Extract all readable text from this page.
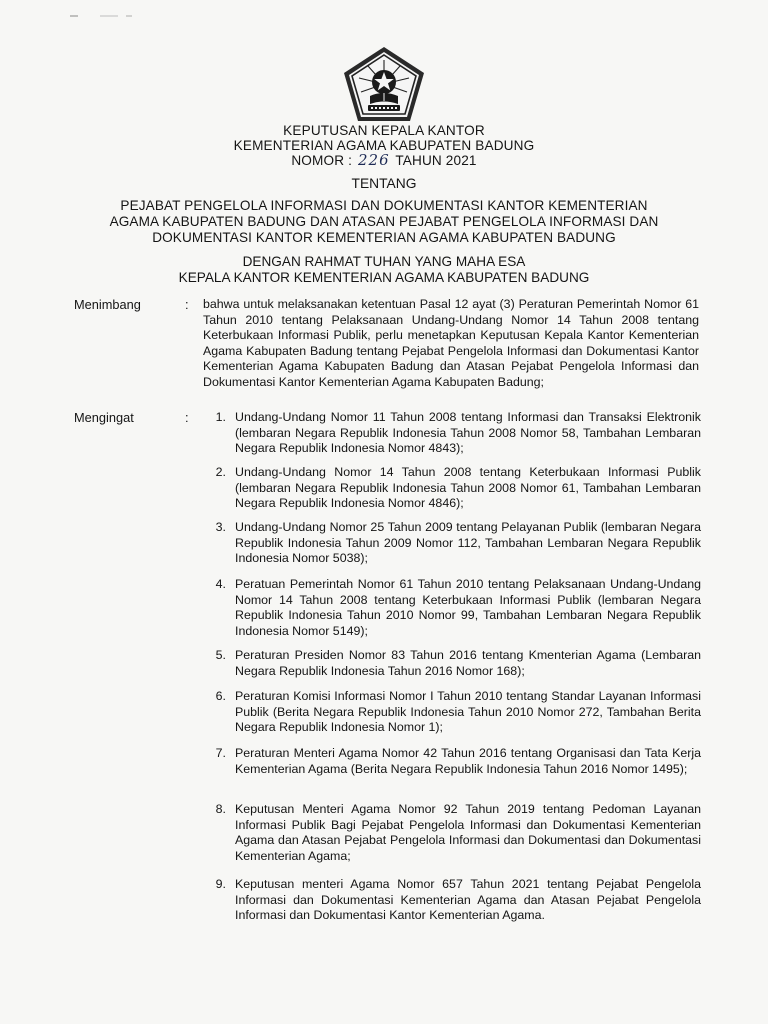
KEPUTUSAN KEPALA KANTOR
KEMENTERIAN AGAMA KABUPATEN BADUNG
NOMOR : 226 TAHUN 2021
TENTANG
PEJABAT PENGELOLA INFORMASI DAN DOKUMENTASI KANTOR KEMENTERIAN
AGAMA KABUPATEN BADUNG DAN ATASAN PEJABAT PENGELOLA INFORMASI DAN
DOKUMENTASI KANTOR KEMENTERIAN AGAMA KABUPATEN BADUNG
DENGAN RAHMAT TUHAN YANG MAHA ESA
KEPALA KANTOR KEMENTERIAN AGAMA KABUPATEN BADUNG
Menimbang	: bahwa untuk melaksanakan ketentuan Pasal 12 ayat (3) Peraturan Pemerintah Nomor 61 Tahun 2010 tentang Pelaksanaan Undang-Undang Nomor 14 Tahun 2008 tentang Keterbukaan Informasi Publik, perlu menetapkan Keputusan Kepala Kantor Kementerian Agama Kabupaten Badung tentang Pejabat Pengelola Informasi dan Dokumentasi Kantor Kementerian Agama Kabupaten Badung dan Atasan Pejabat Pengelola Informasi dan Dokumentasi Kantor Kementerian Agama Kabupaten Badung;
Mengingat	:	1. Undang-Undang Nomor 11 Tahun 2008 tentang Informasi dan Transaksi Elektronik (lembaran Negara Republik Indonesia Tahun 2008 Nomor 58, Tambahan Lembaran Negara Republik Indonesia Nomor 4843);
2. Undang-Undang Nomor 14 Tahun 2008 tentang Keterbukaan Informasi Publik (lembaran Negara Republik Indonesia Tahun 2008 Nomor 61, Tambahan Lembaran Negara Republik Indonesia Nomor 4846);
3. Undang-Undang Nomor 25 Tahun 2009 tentang Pelayanan Publik (lembaran Negara Republik Indonesia Tahun 2009 Nomor 112, Tambahan Lembaran Negara Republik Indonesia Nomor 5038);
4. Peratuan Pemerintah Nomor 61 Tahun 2010 tentang Pelaksanaan Undang-Undang Nomor 14 Tahun 2008 tentang Keterbukaan Informasi Publik (lembaran Negara Republik Indonesia Tahun 2010 Nomor 99, Tambahan Lembaran Negara Republik Indonesia Nomor 5149);
5. Peraturan Presiden Nomor 83 Tahun 2016 tentang Kmenterian Agama (Lembaran Negara Republik Indonesia Tahun 2016 Nomor 168);
6. Peraturan Komisi Informasi Nomor I Tahun 2010 tentang Standar Layanan Informasi Publik (Berita Negara Republik Indonesia Tahun 2010 Nomor 272, Tambahan Berita Negara Republik Indonesia Nomor 1);
7. Peraturan Menteri Agama Nomor 42 Tahun 2016 tentang Organisasi dan Tata Kerja Kementerian Agama (Berita Negara Republik Indonesia Tahun 2016 Nomor 1495);
8. Keputusan Menteri Agama Nomor 92 Tahun 2019 tentang Pedoman Layanan Informasi Publik Bagi Pejabat Pengelola Informasi dan Dokumentasi Kementerian Agama dan Atasan Pejabat Pengelola Informasi dan Dokumentasi dan Dokumentasi Kementerian Agama;
9. Keputusan menteri Agama Nomor 657 Tahun 2021 tentang Pejabat Pengelola Informasi dan Dokumentasi Kementerian Agama dan Atasan Pejabat Pengelola Informasi dan Dokumentasi Kantor Kementerian Agama.
